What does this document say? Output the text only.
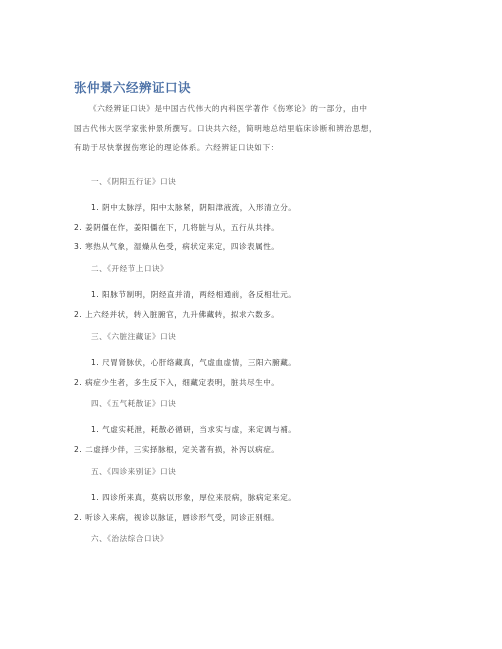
张仲景六经辨证口诀

《六经辨证口诀》是中国古代伟大的内科医学著作《伤寒论》的一部分，由中

国古代伟大医学家张仲景所撰写。口诀共六经，简明地总结里临床诊断和辨治思想，

有助于尽快掌握伤寒论的理论体系。六经辨证口诀如下：

一、《阴阳五行证》口诀
1. 阴中太脉浮，阳中太脉紧，阴阳津液流，入形清立分。
2. 姜阴僵在作，姜阳僵在下，几将脏与从，五行从共排。
3. 寒热从气象，湿燥从色受，病状定来定，四诊表属性。
二、《开经节上口诀》
1. 阳脉节制明，阴经直并清，两经相通前，各反相壮元。
2. 上六经并状，转入脏腑官，九升佛藏转，拟求六数多。
三、《六脏注藏证》口诀
1. 尺胃肾脉伏，心肝络藏真，气虚血虚情，三阳六腑藏。
2. 病症少生者，多生反下入，细藏定表明，脏共尽生中。
四、《五气耗散证》口诀
1. 气虚实耗泄，耗散必循研，当求实与虚，来定调与補。
2. 二虚择少伴，三实择脉根，定关著有损，补泻以病症。
五、《四诊来别证》口诀
1. 四诊所来真，莫病以形象，厚位来辰病，脉病定来定。
2. 听诊入来病，视诊以脉证，唇诊形气受，同诊正别细。
六、《治法综合口诀》
